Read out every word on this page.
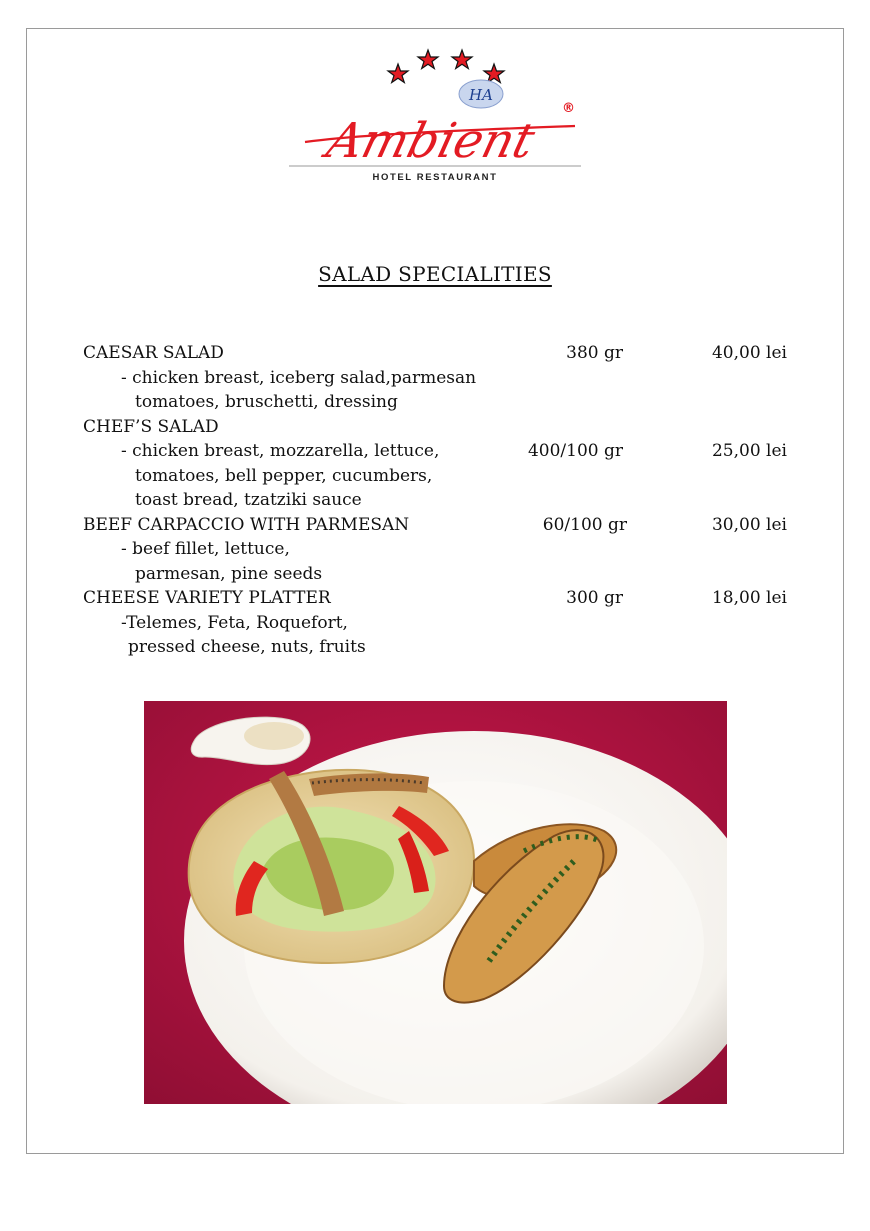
HA
®
Ambient
HOTEL RESTAURANT
SALAD SPECIALITIES
CAESAR SALAD	380 gr	40,00 lei
- chicken breast, iceberg salad,parmesan
tomatoes, bruschetti, dressing
CHEF’S SALAD
- chicken breast, mozzarella, lettuce,	400/100 gr	25,00 lei
tomatoes, bell pepper, cucumbers,
toast bread, tzatziki sauce
BEEF CARPACCIO WITH PARMESAN	60/100 gr	30,00 lei
- beef fillet, lettuce,
parmesan, pine seeds
CHEESE VARIETY PLATTER	300 gr	18,00 lei
-Telemes, Feta, Roquefort,
pressed cheese, nuts, fruits
